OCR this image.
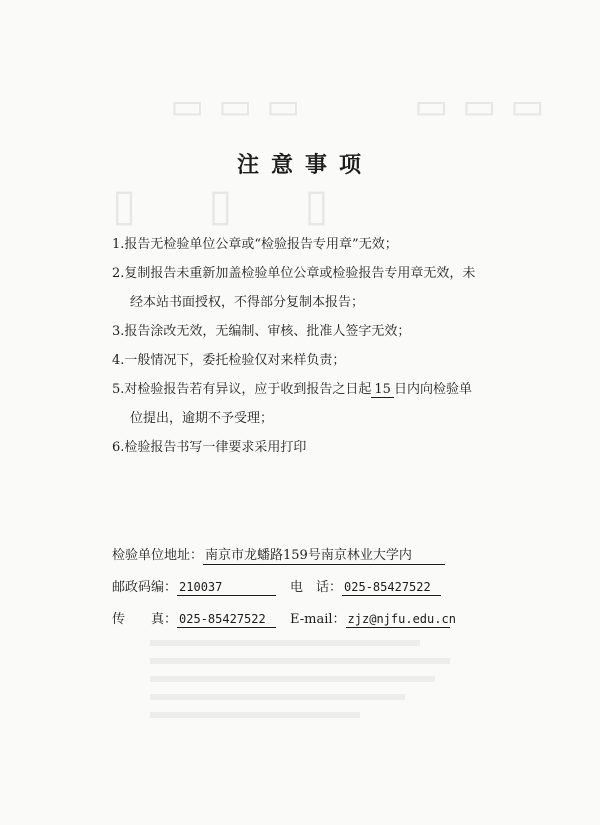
▭▭▭　　▭▭▭
▯▯▯
注意事项

1.报告无检验单位公章或“检验报告专用章”无效；

2.复制报告未重新加盖检验单位公章或检验报告专用章无效，未
经本站书面授权，不得部分复制本报告；

3.报告涂改无效，无编制、审核、批准人签字无效；

4.一般情况下，委托检验仅对来样负责；

5.对检验报告若有异议，应于收到报告之日起 15 日内向检验单
位提出，逾期不予受理；

6.检验报告书写一律要求采用打印

检验单位地址： 南京市龙蟠路159号南京林业大学内
邮政码编： 210037	电　话： 025-85427522
传　　真： 025-85427522	E-mail： zjz@njfu.edu.cn
